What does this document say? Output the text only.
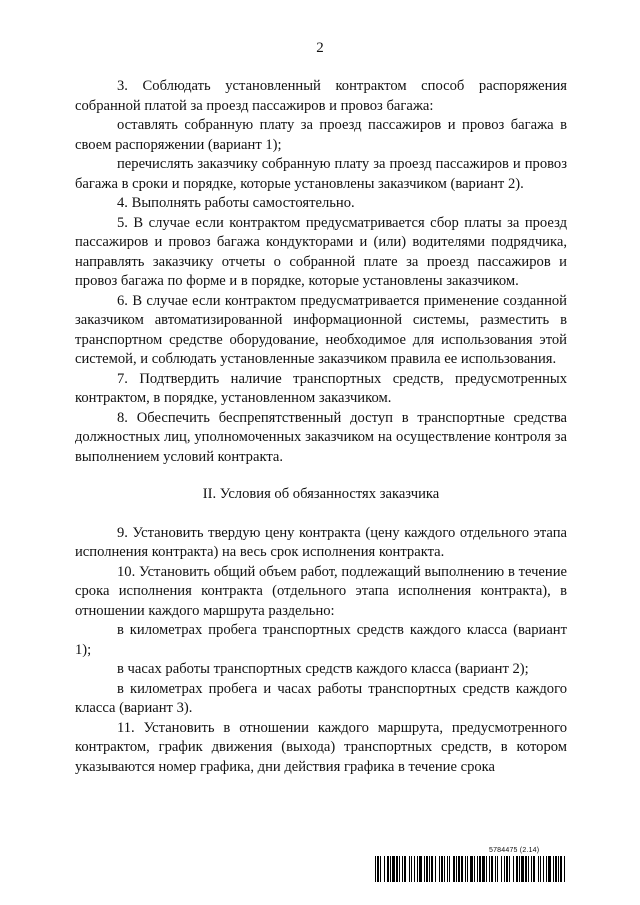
2

3. Соблюдать установленный контрактом способ распоряжения собранной платой за проезд пассажиров и провоз багажа:

оставлять собранную плату за проезд пассажиров и провоз багажа в своем распоряжении (вариант 1);

перечислять заказчику собранную плату за проезд пассажиров и провоз багажа в сроки и порядке, которые установлены заказчиком (вариант 2).

4. Выполнять работы самостоятельно.

5. В случае если контрактом предусматривается сбор платы за проезд пассажиров и провоз багажа кондукторами и (или) водителями подрядчика, направлять заказчику отчеты о собранной плате за проезд пассажиров и провоз багажа по форме и в порядке, которые установлены заказчиком.

6. В случае если контрактом предусматривается применение созданной заказчиком автоматизированной информационной системы, разместить в транспортном средстве оборудование, необходимое для использования этой системой, и соблюдать установленные заказчиком правила ее использования.

7. Подтвердить наличие транспортных средств, предусмотренных контрактом, в порядке, установленном заказчиком.

8. Обеспечить беспрепятственный доступ в транспортные средства должностных лиц, уполномоченных заказчиком на осуществление контроля за выполнением условий контракта.

II. Условия об обязанностях заказчика

9. Установить твердую цену контракта (цену каждого отдельного этапа исполнения контракта) на весь срок исполнения контракта.

10. Установить общий объем работ, подлежащий выполнению в течение срока исполнения контракта (отдельного этапа исполнения контракта), в отношении каждого маршрута раздельно:

в километрах пробега транспортных средств каждого класса (вариант 1);

в часах работы транспортных средств каждого класса (вариант 2);

в километрах пробега и часах работы транспортных средств каждого класса (вариант 3).

11. Установить в отношении каждого маршрута, предусмотренного контрактом, график движения (выхода) транспортных средств, в котором указываются номер графика, дни действия графика в течение срока

5784475 (2.14)
